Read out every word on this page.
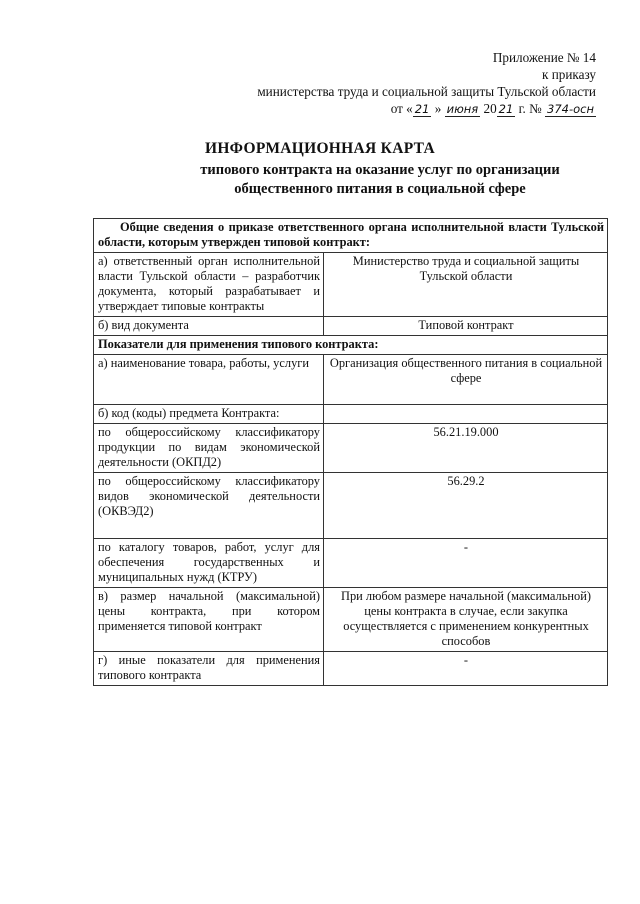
Приложение № 14
к приказу
министерства труда и социальной защиты Тульской области
от « 21 » июня 20 21 г. № 374-осн
ИНФОРМАЦИОННАЯ КАРТА
типового контракта на оказание услуг по организации
общественного питания в социальной сфере
Общие сведения о приказе ответственного органа исполнительной власти Тульской области, которым утвержден типовой контракт:	
а) ответственный орган исполнительной власти Тульской области – разработчик документа, который разрабатывает и утверждает типовые контракты	Министерство труда и социальной защиты Тульской области
б) вид документа	Типовой контракт
Показатели для применения типового контракта:	
а) наименование товара, работы, услуги	Организация общественного питания в социальной сфере
б) код (коды) предмета Контракта:	
по общероссийскому классификатору продукции по видам экономической деятельности (ОКПД2)	56.21.19.000
по общероссийскому классификатору видов экономической деятельности (ОКВЭД2)	56.29.2
по каталогу товаров, работ, услуг для обеспечения государственных и муниципальных нужд (КТРУ)	-
в) размер начальной (максимальной) цены контракта, при котором применяется типовой контракт	При любом размере начальной (максимальной) цены контракта в случае, если закупка осуществляется с применением конкурентных способов
г) иные показатели для применения типового контракта	-
